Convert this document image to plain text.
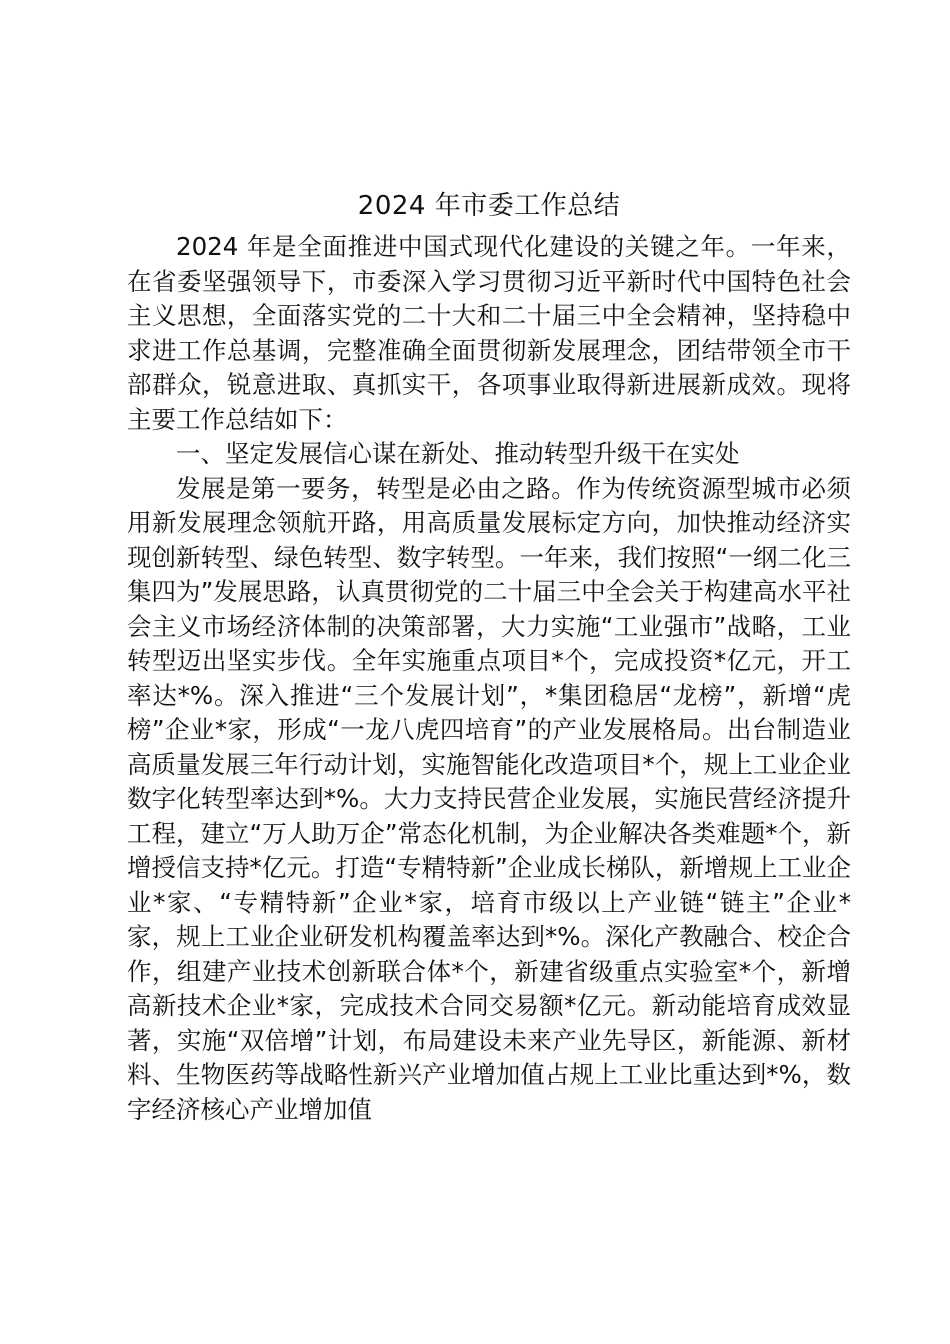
2024 年市委工作总结

2024 年是全面推进中国式现代化建设的关键之年。一年来，在省委坚强领导下，市委深入学习贯彻习近平新时代中国特色社会主义思想，全面落实党的二十大和二十届三中全会精神，坚持稳中求进工作总基调，完整准确全面贯彻新发展理念，团结带领全市干部群众，锐意进取、真抓实干，各项事业取得新进展新成效。现将主要工作总结如下：

一、坚定发展信心谋在新处、推动转型升级干在实处

发展是第一要务，转型是必由之路。作为传统资源型城市必须用新发展理念领航开路，用高质量发展标定方向，加快推动经济实现创新转型、绿色转型、数字转型。一年来，我们按照“一纲二化三集四为”发展思路，认真贯彻党的二十届三中全会关于构建高水平社会主义市场经济体制的决策部署，大力实施“工业强市”战略，工业转型迈出坚实步伐。全年实施重点项目*个，完成投资*亿元，开工率达*%。深入推进“三个发展计划”，*集团稳居“龙榜”，新增“虎榜”企业*家，形成“一龙八虎四培育”的产业发展格局。出台制造业高质量发展三年行动计划，实施智能化改造项目*个，规上工业企业数字化转型率达到*%。大力支持民营企业发展，实施民营经济提升工程，建立“万人助万企”常态化机制，为企业解决各类难题*个，新增授信支持*亿元。打造“专精特新”企业成长梯队，新增规上工业企业*家、“专精特新”企业*家，培育市级以上产业链“链主”企业*家，规上工业企业研发机构覆盖率达到*%。深化产教融合、校企合作，组建产业技术创新联合体*个，新建省级重点实验室*个，新增高新技术企业*家，完成技术合同交易额*亿元。新动能培育成效显著，实施“双倍增”计划，布局建设未来产业先导区，新能源、新材料、生物医药等战略性新兴产业增加值占规上工业比重达到*%，数字经济核心产业增加值
